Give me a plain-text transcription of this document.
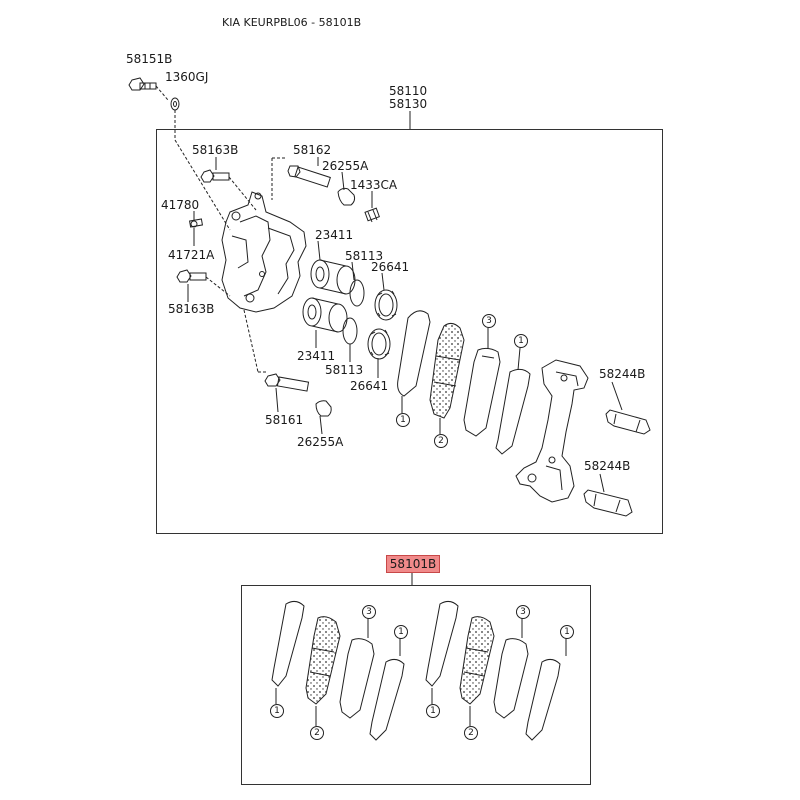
KIA KEURPBL06 - 58101B
58110
58130
58151B
1360GJ
58163B	58162
26255A
1433CA
41780
41721A
58163B
23411
58113
26641
23411
58113
26641
58161
26255A
58244B
58244B
1
2
3
1
58101B
1
2
3
1
1
2
3
1
